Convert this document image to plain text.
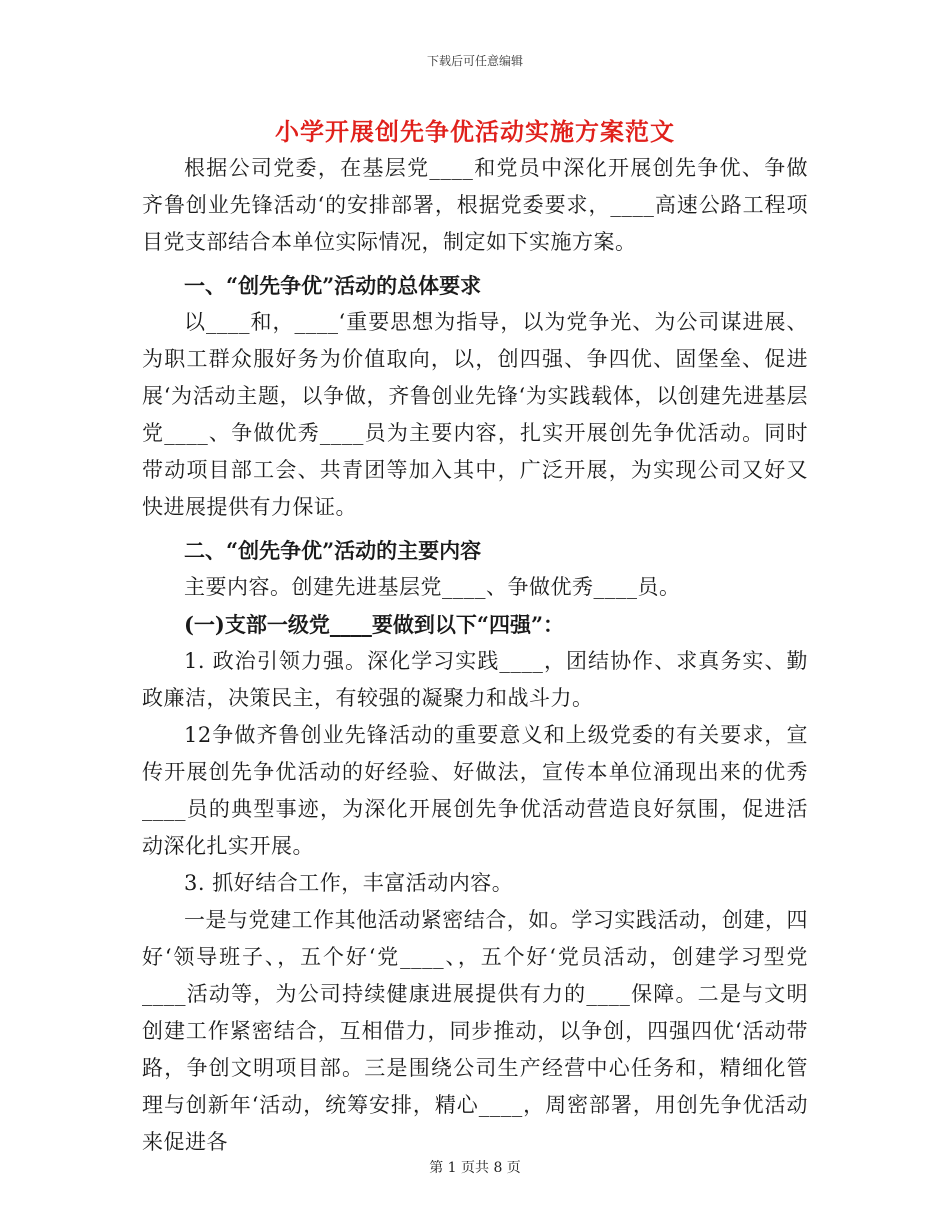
下载后可任意编辑
小学开展创先争优活动实施方案范文

根据公司党委，在基层党____和党员中深化开展创先争优、争做齐鲁创业先锋活动‘的安排部署，根据党委要求，____高速公路工程项目党支部结合本单位实际情况，制定如下实施方案。

一、“创先争优”活动的总体要求

以____和，____‘重要思想为指导，以为党争光、为公司谋进展、为职工群众服好务为价值取向，以，创四强、争四优、固堡垒、促进展‘为活动主题，以争做，齐鲁创业先锋‘为实践载体，以创建先进基层党____、争做优秀____员为主要内容，扎实开展创先争优活动。同时带动项目部工会、共青团等加入其中，广泛开展，为实现公司又好又快进展提供有力保证。

二、“创先争优”活动的主要内容

主要内容。创建先进基层党____、争做优秀____员。

(一)支部一级党____要做到以下“四强”：

1. 政治引领力强。深化学习实践____，团结协作、求真务实、勤政廉洁，决策民主，有较强的凝聚力和战斗力。

12争做齐鲁创业先锋活动的重要意义和上级党委的有关要求，宣传开展创先争优活动的好经验、好做法，宣传本单位涌现出来的优秀____员的典型事迹，为深化开展创先争优活动营造良好氛围，促进活动深化扎实开展。

3. 抓好结合工作，丰富活动内容。

一是与党建工作其他活动紧密结合，如。学习实践活动，创建，四好‘领导班子、，五个好‘党____、，五个好‘党员活动，创建学习型党____活动等，为公司持续健康进展提供有力的____保障。二是与文明创建工作紧密结合，互相借力，同步推动，以争创，四强四优‘活动带路，争创文明项目部。三是围绕公司生产经营中心任务和，精细化管理与创新年‘活动，统筹安排，精心____，周密部署，用创先争优活动来促进各

第 1 页共 8 页
